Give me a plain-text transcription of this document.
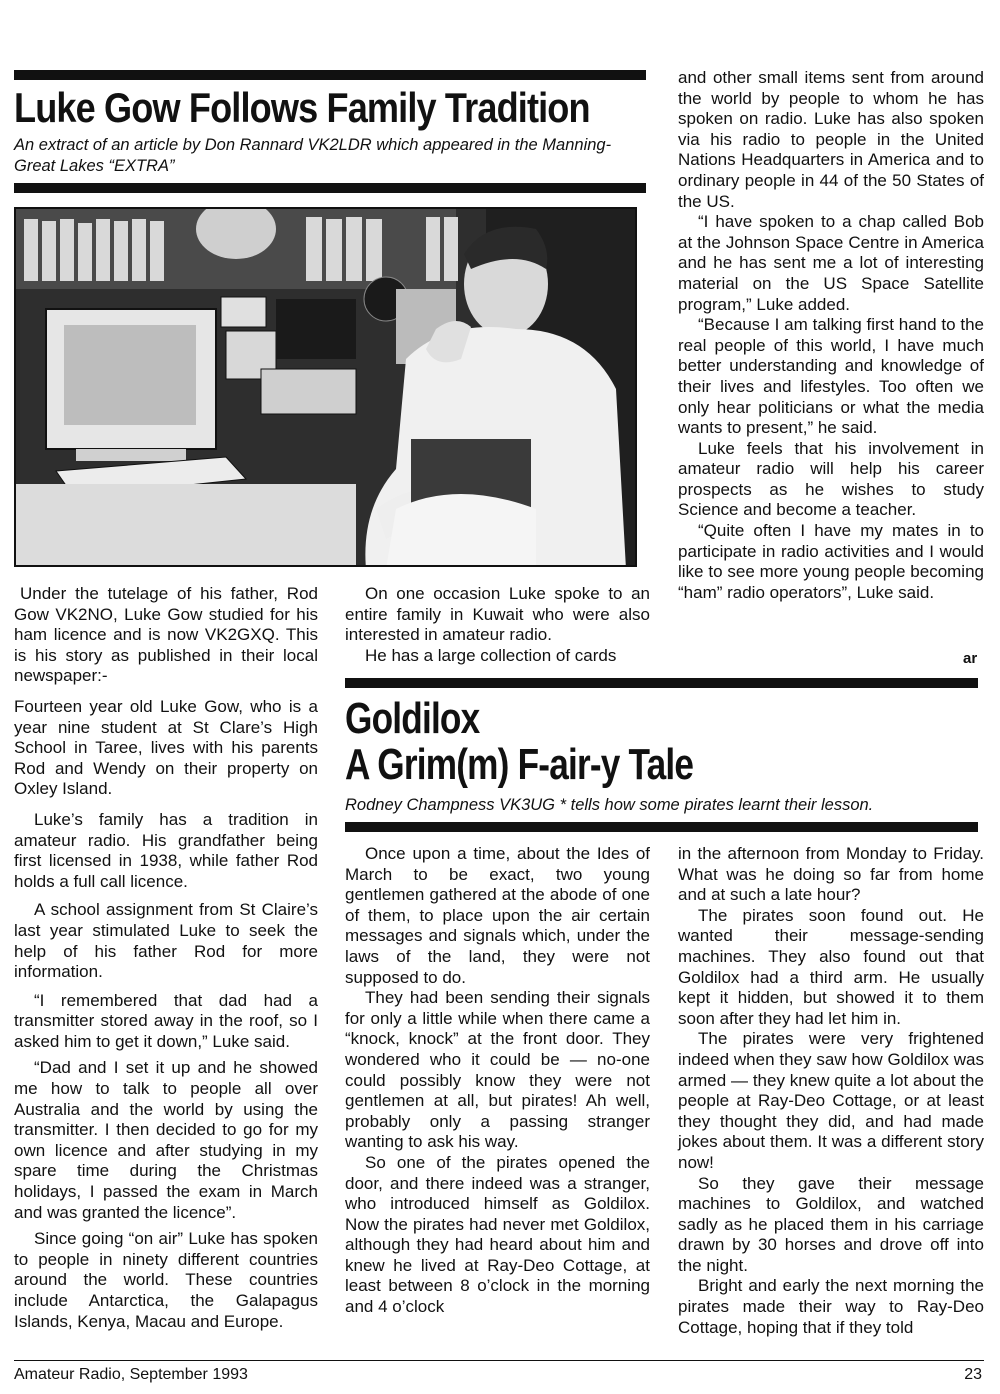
Luke Gow Follows Family Tradition
An extract of an article by Don Rannard VK2LDR which appeared in the Manning-Great Lakes “EXTRA”

Under the tutelage of his father, Rod Gow VK2NO, Luke Gow studied for his ham licence and is now VK2GXQ. This is his story as published in their local newspaper:-

Fourteen year old Luke Gow, who is a year nine student at St Clare’s High School in Taree, lives with his parents Rod and Wendy on their property on Oxley Island.

Luke’s family has a tradition in amateur radio. His grandfather being first licensed in 1938, while father Rod holds a full call licence.

A school assignment from St Claire’s last year stimulated Luke to seek the help of his father Rod for more information.

“I remembered that dad had a transmitter stored away in the roof, so I asked him to get it down,” Luke said.

“Dad and I set it up and he showed me how to talk to people all over Australia and the world by using the transmitter. I then decided to go for my own licence and after studying in my spare time during the Christmas holidays, I passed the exam in March and was granted the licence”.

Since going “on air” Luke has spoken to people in ninety different countries around the world. These countries include Antarctica, the Galapagus Islands, Kenya, Macau and Europe.

On one occasion Luke spoke to an entire family in Kuwait who were also interested in amateur radio.

He has a large collection of cards

and other small items sent from around the world by people to whom he has spoken on radio. Luke has also spoken via his radio to people in the United Nations Headquarters in America and to ordinary people in 44 of the 50 States of the US.

“I have spoken to a chap called Bob at the Johnson Space Centre in America and he has sent me a lot of interesting material on the US Space Satellite program,” Luke added.

“Because I am talking first hand to the real people of this world, I have much better understanding and knowledge of their lives and lifestyles. Too often we only hear politicians or what the media wants to present,” he said.

Luke feels that his involvement in amateur radio will help his career prospects as he wishes to study Science and become a teacher.

“Quite often I have my mates in to participate in radio activities and I would like to see more young people becoming “ham” radio operators”, Luke said.

ar
Goldilox
A Grim(m) F-air-y Tale
Rodney Champness VK3UG * tells how some pirates learnt their lesson.

Once upon a time, about the Ides of March to be exact, two young gentlemen gathered at the abode of one of them, to place upon the air certain messages and signals which, under the laws of the land, they were not supposed to do.

They had been sending their signals for only a little while when there came a “knock, knock” at the front door. They wondered who it could be — no-one could possibly know they were not gentlemen at all, but pirates! Ah well, probably only a passing stranger wanting to ask his way.

So one of the pirates opened the door, and there indeed was a stranger, who introduced himself as Goldilox. Now the pirates had never met Goldilox, although they had heard about him and knew he lived at Ray-Deo Cottage, at least between 8 o’clock in the morning and 4 o’clock

in the afternoon from Monday to Friday. What was he doing so far from home and at such a late hour?

The pirates soon found out. He wanted their message-sending machines. They also found out that Goldilox had a third arm. He usually kept it hidden, but showed it to them soon after they had let him in.

The pirates were very frightened indeed when they saw how Goldilox was armed — they knew quite a lot about the people at Ray-Deo Cottage, or at least they thought they did, and had made jokes about them. It was a different story now!

So they gave their message machines to Goldilox, and watched sadly as he placed them in his carriage drawn by 30 horses and drove off into the night.

Bright and early the next morning the pirates made their way to Ray-Deo Cottage, hoping that if they told

Amateur Radio, September 1993	23
